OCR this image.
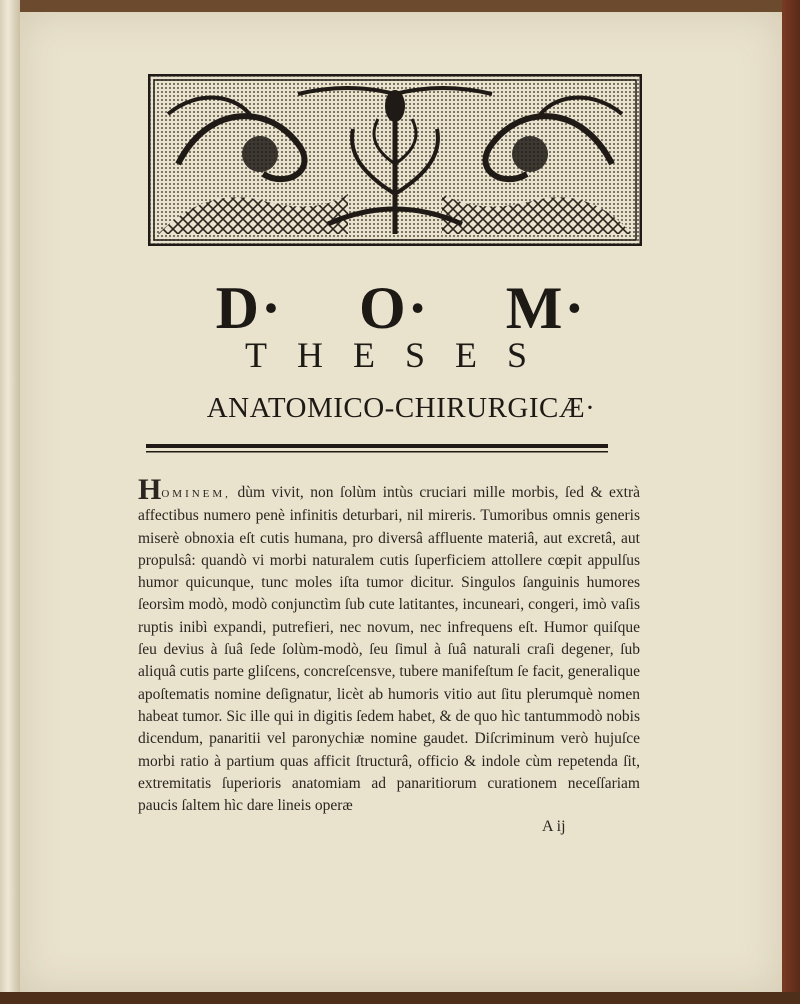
D· O· M·
THESES
ANATOMICO-CHIRURGICÆ·
HOMINEM, dùm vivit, non ſolùm intùs cruciari mille morbis, ſed & extrà affectibus numero penè infinitis deturbari, nil mireris. Tumoribus omnis generis miserè obnoxia eſt cutis humana, pro diversâ affluente materiâ, aut excretâ, aut propulsâ: quandò vi morbi naturalem cutis ſuperficiem attollere cœpit appulſus humor quicunque, tunc moles iſta tumor dicitur. Singulos ſanguinis humores ſeorsìm modò, modò conjunctìm ſub cute latitantes, incuneari, congeri, imò vaſis ruptis inibì expandi, putrefieri, nec novum, nec infrequens eſt. Humor quiſque ſeu devius à ſuâ ſede ſolùm-modò, ſeu ſimul à ſuâ naturali craſi degener, ſub aliquâ cutis parte gliſcens, concreſcensve, tubere manifeſtum ſe facit, generalique apoſtematis nomine deſignatur, licèt ab humoris vitio aut ſitu plerumquè nomen habeat tumor. Sic ille qui in digitis ſedem habet, & de quo hìc tantummodò nobis dicendum, panaritii vel paronychiæ nomine gaudet. Diſcriminum verò hujuſce morbi ratio à partium quas afficit ſtructurâ, officio & indole cùm repetenda ſit, extremitatis ſuperioris anatomiam ad panaritiorum curationem neceſſariam paucis ſaltem hìc dare lineis operæ
A ij
